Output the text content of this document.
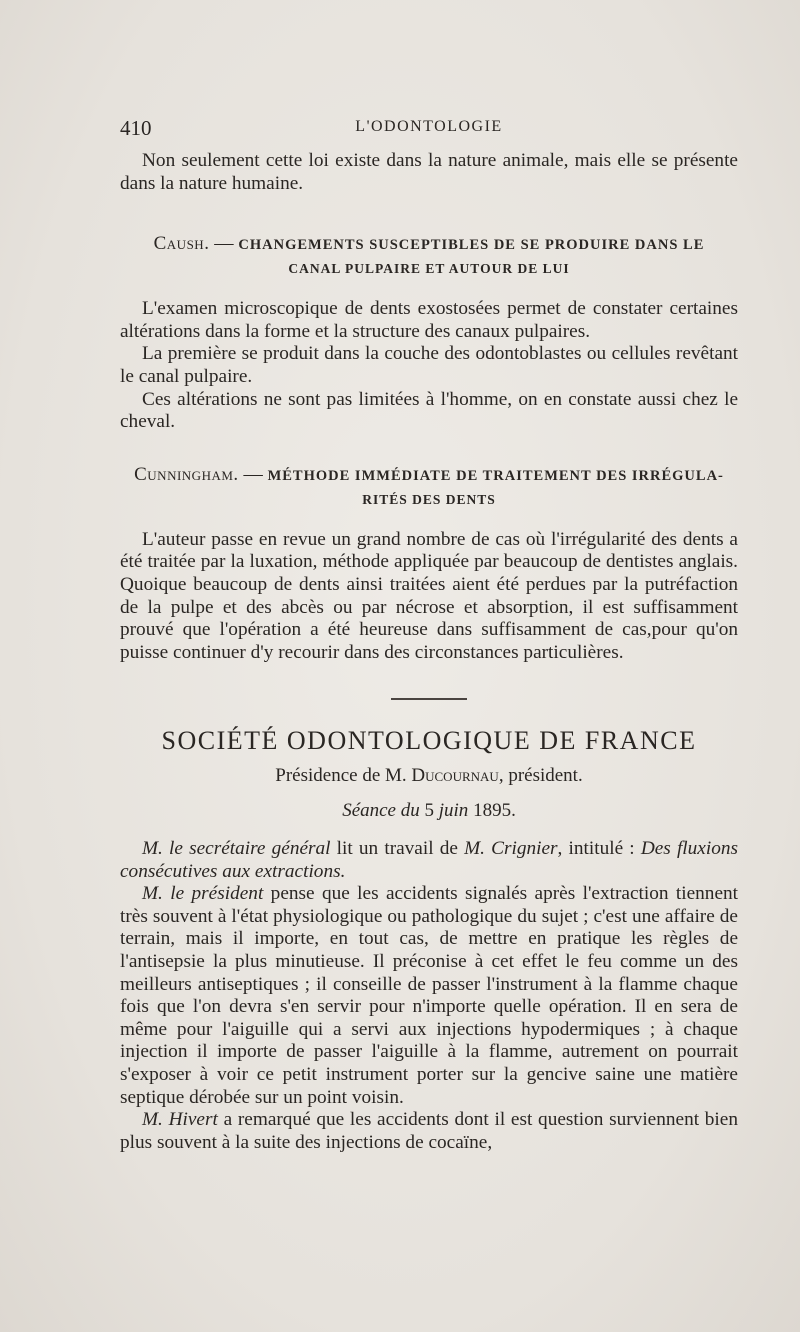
410	L'ODONTOLOGIE

Non seulement cette loi existe dans la nature animale, mais elle se présente dans la nature humaine.

Caush. — CHANGEMENTS SUSCEPTIBLES DE SE PRODUIRE DANS LE
CANAL PULPAIRE ET AUTOUR DE LUI

L'examen microscopique de dents exostosées permet de constater certaines altérations dans la forme et la structure des canaux pulpaires.

La première se produit dans la couche des odontoblastes ou cellules revêtant le canal pulpaire.

Ces altérations ne sont pas limitées à l'homme, on en constate aussi chez le cheval.

Cunningham. — MÉTHODE IMMÉDIATE DE TRAITEMENT DES IRRÉGULA-
RITÉS DES DENTS

L'auteur passe en revue un grand nombre de cas où l'irrégularité des dents a été traitée par la luxation, méthode appliquée par beaucoup de dentistes anglais. Quoique beaucoup de dents ainsi traitées aient été perdues par la putréfaction de la pulpe et des abcès ou par nécrose et absorption, il est suffisamment prouvé que l'opération a été heureuse dans suffisamment de cas,pour qu'on puisse continuer d'y recourir dans des circonstances particulières.

SOCIÉTÉ ODONTOLOGIQUE DE FRANCE
Présidence de M. Ducournau, président.
Séance du 5 juin 1895.

M. le secrétaire général lit un travail de M. Crignier, intitulé : Des fluxions consécutives aux extractions.

M. le président pense que les accidents signalés après l'extraction tiennent très souvent à l'état physiologique ou pathologique du sujet ; c'est une affaire de terrain, mais il importe, en tout cas, de mettre en pratique les règles de l'antisepsie la plus minutieuse. Il préconise à cet effet le feu comme un des meilleurs antiseptiques ; il conseille de passer l'instrument à la flamme chaque fois que l'on devra s'en servir pour n'importe quelle opération. Il en sera de même pour l'aiguille qui a servi aux injections hypodermiques ; à chaque injection il importe de passer l'aiguille à la flamme, autrement on pourrait s'exposer à voir ce petit instrument porter sur la gencive saine une matière septique dérobée sur un point voisin.

M. Hivert a remarqué que les accidents dont il est question surviennent bien plus souvent à la suite des injections de cocaïne,
